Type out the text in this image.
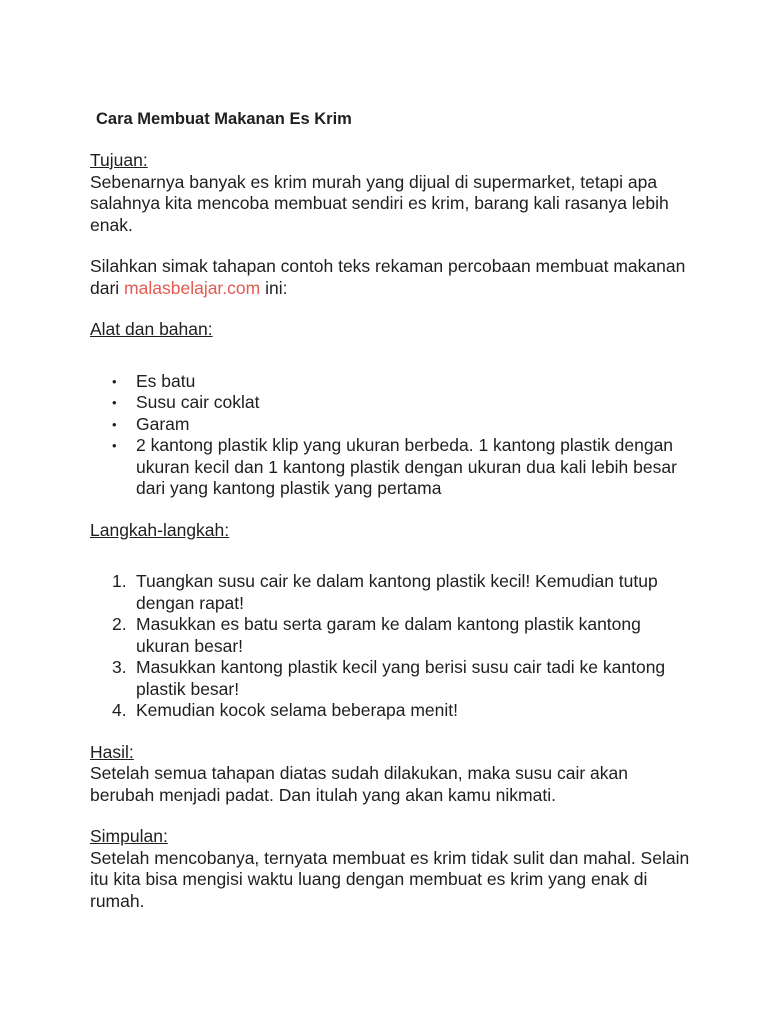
Cara Membuat Makanan Es Krim

Tujuan:

Sebenarnya banyak es krim murah yang dijual di supermarket, tetapi apa salahnya kita mencoba membuat sendiri es krim, barang kali rasanya lebih enak.

Silahkan simak tahapan contoh teks rekaman percobaan membuat makanan dari malasbelajar.com ini:

Alat dan bahan:

• Es batu
• Susu cair coklat
• Garam
• 2 kantong plastik klip yang ukuran berbeda. 1 kantong plastik dengan ukuran kecil dan 1 kantong plastik dengan ukuran dua kali lebih besar dari yang kantong plastik yang pertama

Langkah-langkah:

1. Tuangkan susu cair ke dalam kantong plastik kecil! Kemudian tutup dengan rapat!
2. Masukkan es batu serta garam ke dalam kantong plastik kantong ukuran besar!
3. Masukkan kantong plastik kecil yang berisi susu cair tadi ke kantong plastik besar!
4. Kemudian kocok selama beberapa menit!

Hasil:

Setelah semua tahapan diatas sudah dilakukan, maka susu cair akan berubah menjadi padat. Dan itulah yang akan kamu nikmati.

Simpulan:

Setelah mencobanya, ternyata membuat es krim tidak sulit dan mahal. Selain itu kita bisa mengisi waktu luang dengan membuat es krim yang enak di rumah.
